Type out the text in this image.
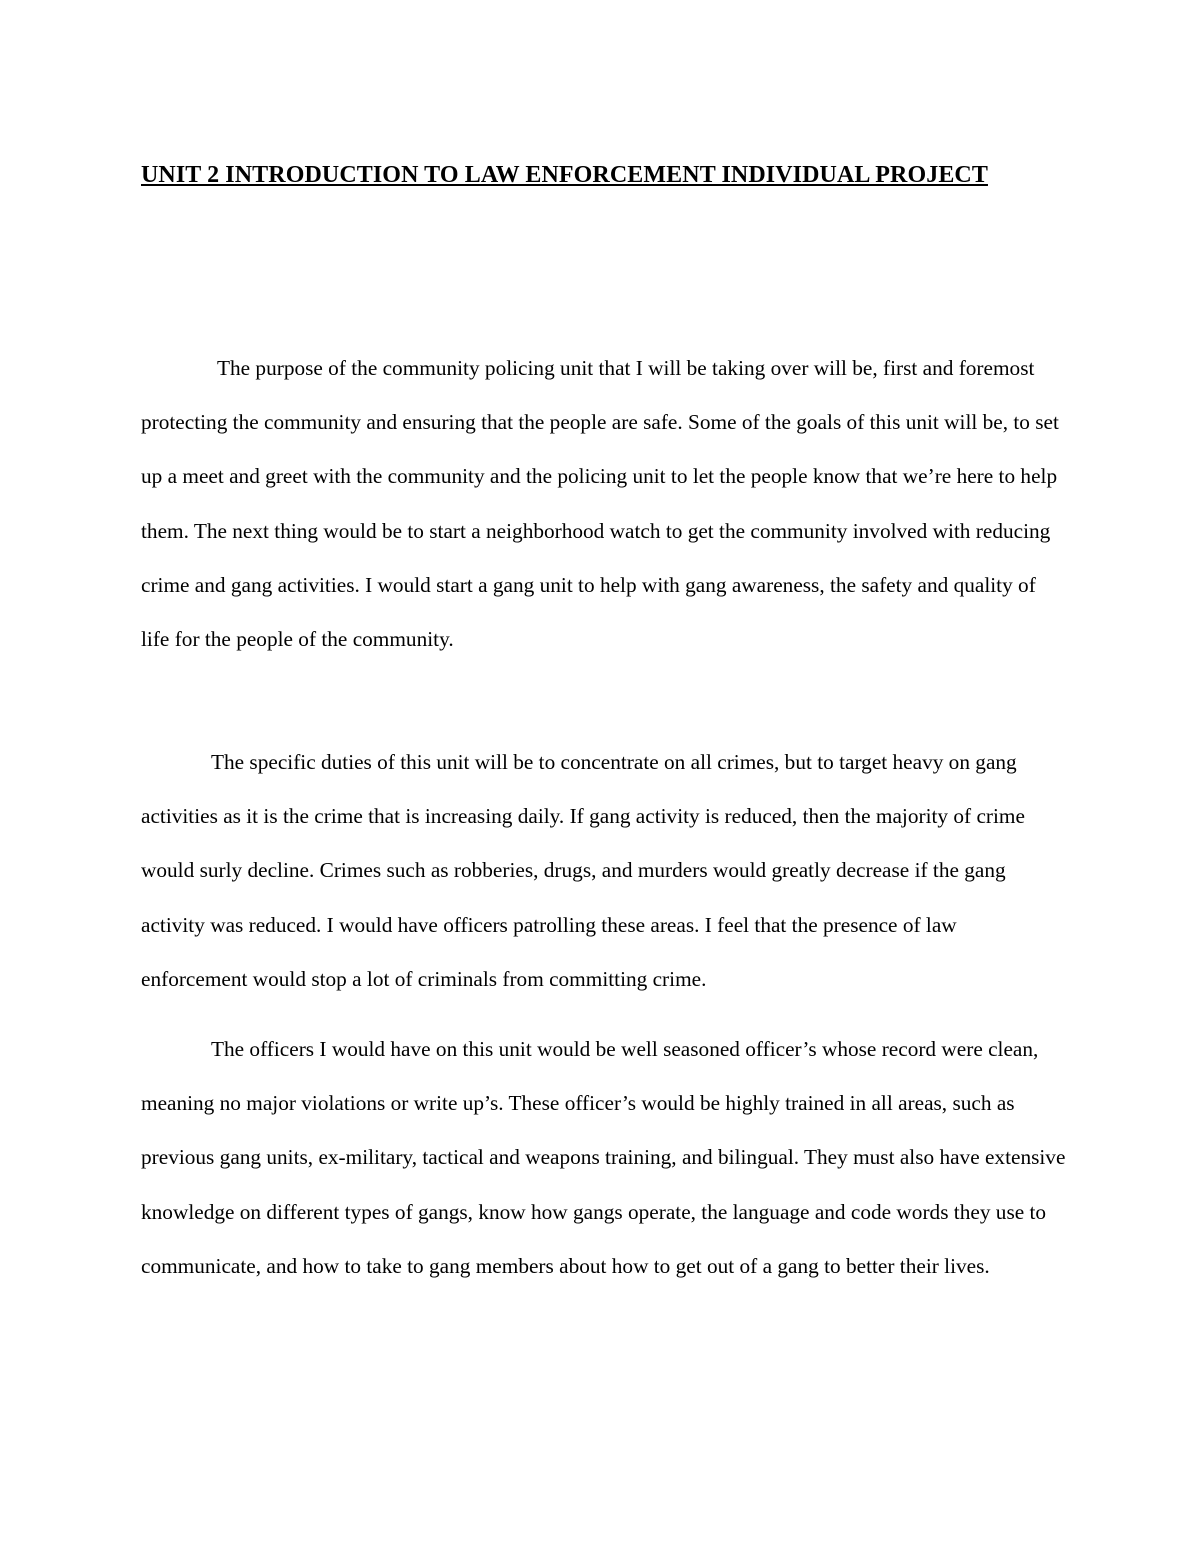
UNIT 2 INTRODUCTION TO LAW ENFORCEMENT INDIVIDUAL PROJECT

The purpose of the community policing unit that I will be taking over will be, first and foremost protecting the community and ensuring that the people are safe. Some of the goals of this unit will be, to set up a meet and greet with the community and the policing unit to let the people know that we’re here to help them. The next thing would be to start a neighborhood watch to get the community involved with reducing crime and gang activities. I would start a gang unit to help with gang awareness, the safety and quality of life for the people of the community.

The specific duties of this unit will be to concentrate on all crimes, but to target heavy on gang activities as it is the crime that is increasing daily. If gang activity is reduced, then the majority of crime would surly decline. Crimes such as robberies, drugs, and murders would greatly decrease if the gang activity was reduced. I would have officers patrolling these areas. I feel that the presence of law enforcement would stop a lot of criminals from committing crime.

The officers I would have on this unit would be well seasoned officer’s whose record were clean, meaning no major violations or write up’s. These officer’s would be highly trained in all areas, such as previous gang units, ex-military, tactical and weapons training, and bilingual. They must also have extensive knowledge on different types of gangs, know how gangs operate, the language and code words they use to communicate, and how to take to gang members about how to get out of a gang to better their lives.
